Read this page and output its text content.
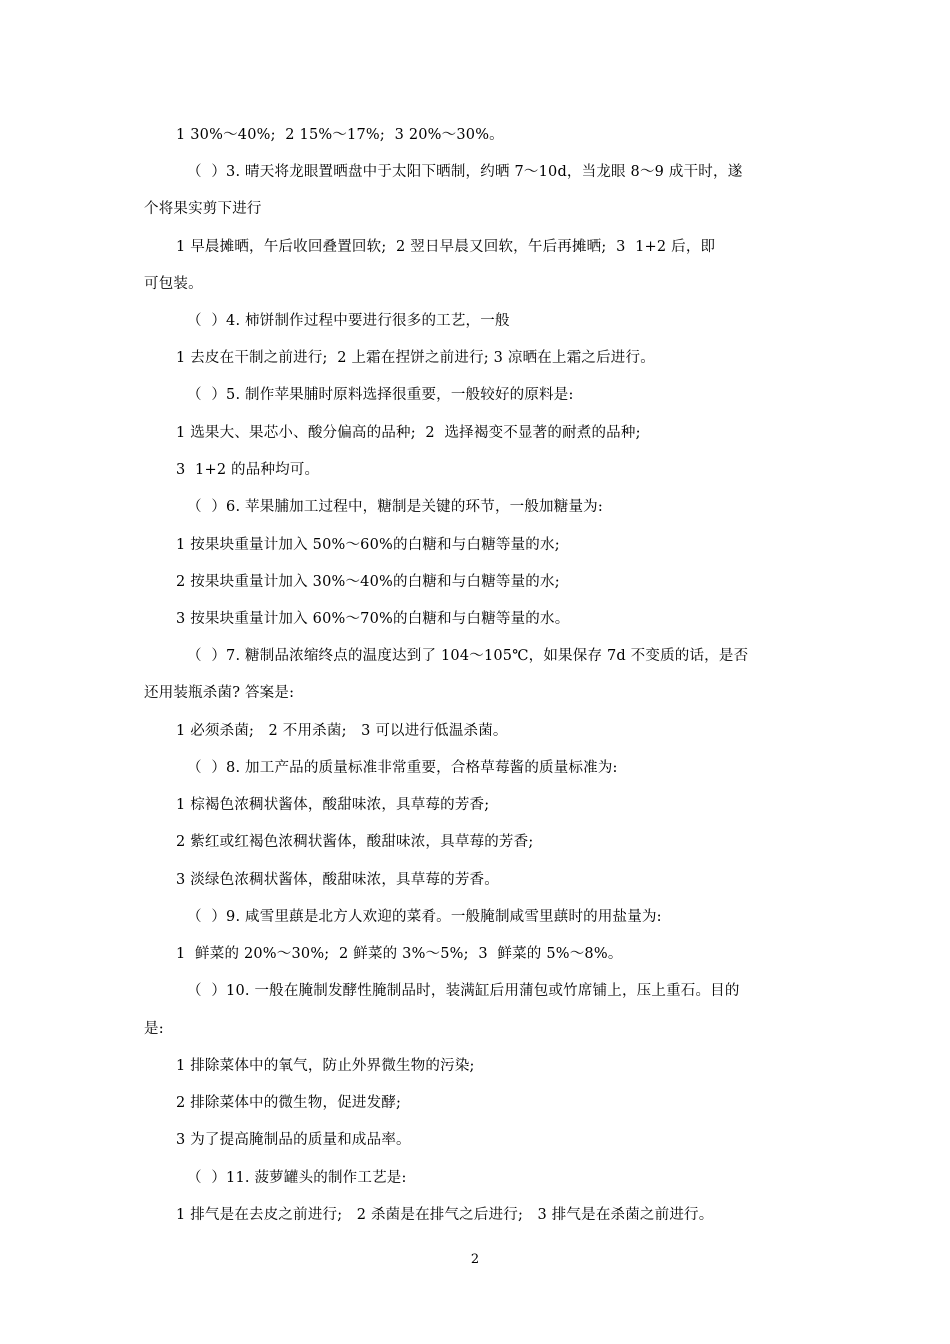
1 30%～40%;  2 15%～17%;  3 20%～30%。
（  ）3. 晴天将龙眼置晒盘中于太阳下晒制，约晒 7～10d，当龙眼 8～9 成干时，遂
个将果实剪下进行
1 早晨摊晒，午后收回叠置回软;  2 翌日早晨又回软，午后再摊晒;  3  1+2 后，即
可包装。
（  ）4. 柿饼制作过程中要进行很多的工艺，一般
1 去皮在干制之前进行;  2 上霜在捏饼之前进行; 3 凉晒在上霜之后进行。
（  ）5. 制作苹果脯时原料选择很重要，一般较好的原料是:
1 选果大、果芯小、酸分偏高的品种;  2  选择褐变不显著的耐煮的品种;
3  1+2 的品种均可。
（  ）6. 苹果脯加工过程中，糖制是关键的环节，一般加糖量为:
1 按果块重量计加入 50%～60%的白糖和与白糖等量的水;
2 按果块重量计加入 30%～40%的白糖和与白糖等量的水;
3 按果块重量计加入 60%～70%的白糖和与白糖等量的水。
（  ）7. 糖制品浓缩终点的温度达到了 104～105℃，如果保存 7d 不变质的话，是否
还用装瓶杀菌? 答案是:
1 必须杀菌;   2 不用杀菌;   3 可以进行低温杀菌。
（  ）8. 加工产品的质量标准非常重要，合格草莓酱的质量标准为:
1 棕褐色浓稠状酱体，酸甜味浓，具草莓的芳香;
2 紫红或红褐色浓稠状酱体，酸甜味浓，具草莓的芳香;
3 淡绿色浓稠状酱体，酸甜味浓，具草莓的芳香。
（  ）9. 咸雪里蕻是北方人欢迎的菜肴。一般腌制咸雪里蕻时的用盐量为:
1  鲜菜的 20%～30%;  2 鲜菜的 3%～5%;  3  鲜菜的 5%～8%。
（  ）10. 一般在腌制发酵性腌制品时，装满缸后用蒲包或竹席铺上，压上重石。目的
是:
1 排除菜体中的氧气，防止外界微生物的污染;
2 排除菜体中的微生物，促进发酵;
3 为了提高腌制品的质量和成品率。
（  ）11. 菠萝罐头的制作工艺是:
1 排气是在去皮之前进行;   2 杀菌是在排气之后进行;   3 排气是在杀菌之前进行。
2
